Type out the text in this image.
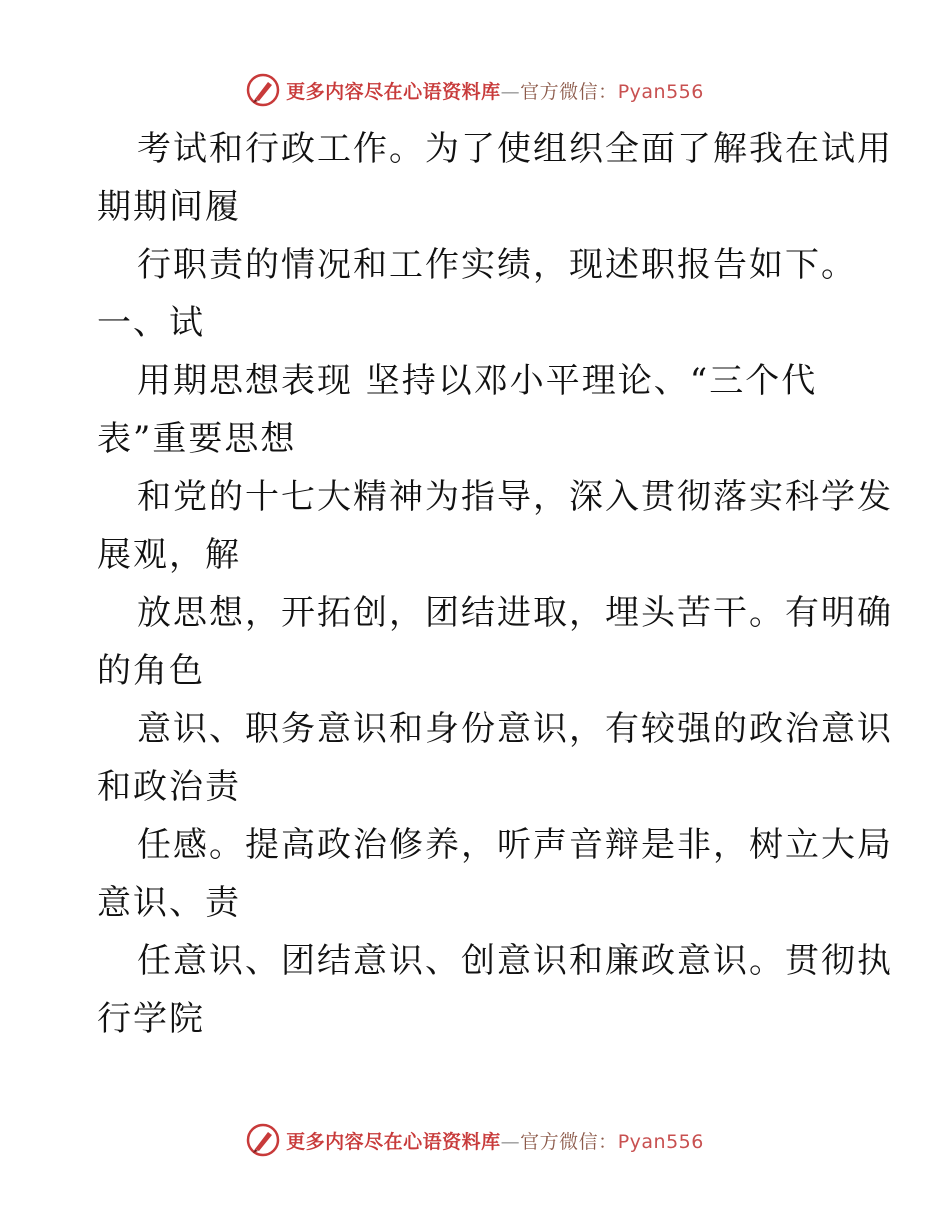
更多内容尽在心语资料库—官方微信：Pyan556
考试和行政工作。为了使组织全面了解我在试用
期期间履
行职责的情况和工作实绩，现述职报告如下。
一、试
用期思想表现 坚持以邓小平理论、“三个代
表”重要思想
和党的十七大精神为指导，深入贯彻落实科学发
展观，解
放思想，开拓创，团结进取，埋头苦干。有明确
的角色
意识、职务意识和身份意识，有较强的政治意识
和政治责
任感。提高政治修养，听声音辩是非，树立大局
意识、责
任意识、团结意识、创意识和廉政意识。贯彻执
行学院
更多内容尽在心语资料库—官方微信：Pyan556
